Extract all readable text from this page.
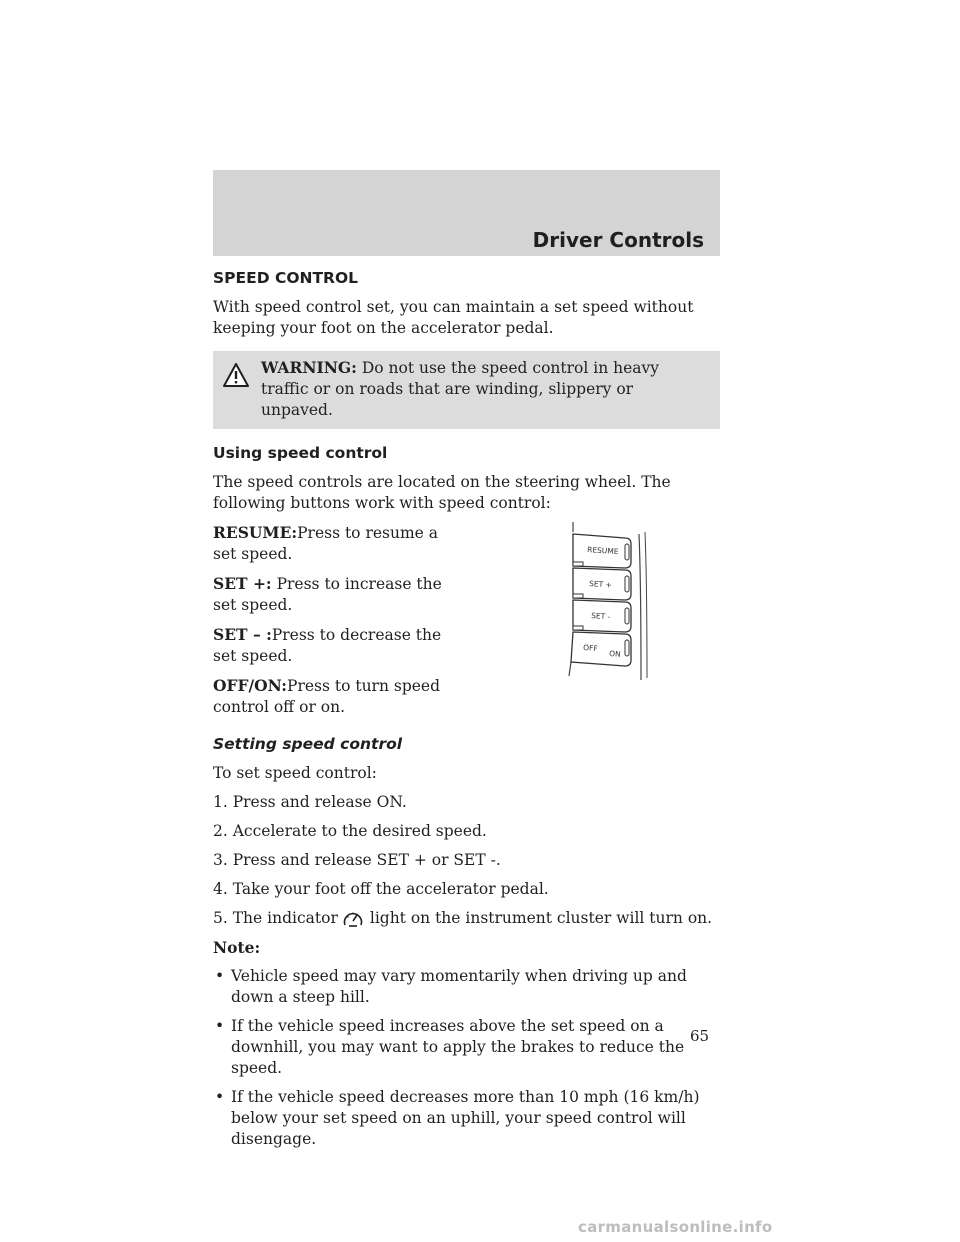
Driver Controls
SPEED CONTROL

With speed control set, you can maintain a set speed without keeping your foot on the accelerator pedal.

WARNING: Do not use the speed control in heavy traffic or on roads that are winding, slippery or unpaved.
Using speed control

The speed controls are located on the steering wheel. The following buttons work with speed control:

RESUME:Press to resume a set speed.

SET +: Press to increase the set speed.

SET – :Press to decrease the set speed.

OFF/ON:Press to turn speed control off or on.

RESUME
SET +
SET -
OFF
ON
Setting speed control

To set speed control:

1. Press and release ON.

2. Accelerate to the desired speed.

3. Press and release SET + or SET -.

4. Take your foot off the accelerator pedal.

5. The indicator light on the instrument cluster will turn on.

Note:

• Vehicle speed may vary momentarily when driving up and down a steep hill.

• If the vehicle speed increases above the set speed on a downhill, you may want to apply the brakes to reduce the speed.

• If the vehicle speed decreases more than 10 mph (16 km/h) below your set speed on an uphill, your speed control will disengage.

65
carmanualsonline.info
